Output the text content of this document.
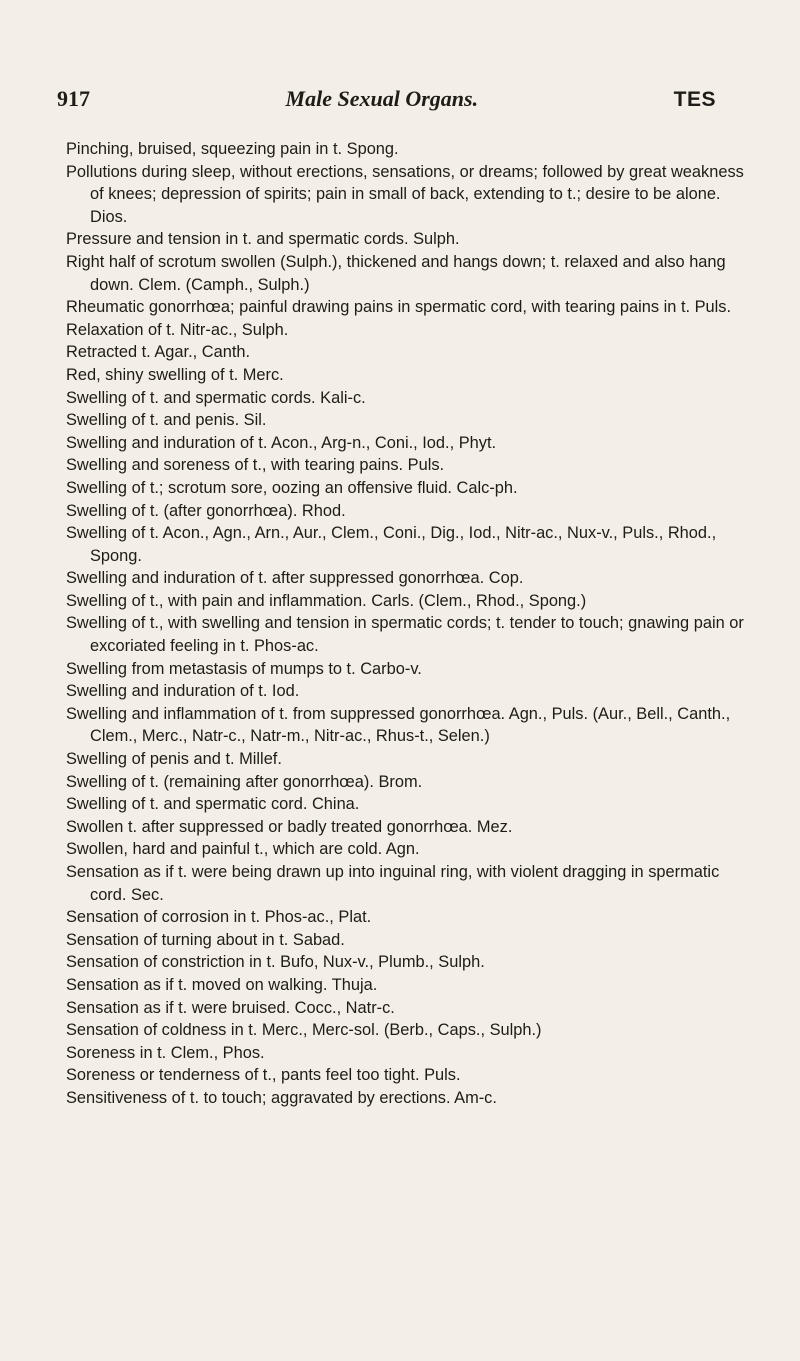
917	Male Sexual Organs.	TES

Pinching, bruised, squeezing pain in t. Spong.

Pollutions during sleep, without erections, sensations, or dreams; followed by great weakness of knees; depression of spirits; pain in small of back, extending to t.; desire to be alone. Dios.

Pressure and tension in t. and spermatic cords. Sulph.

Right half of scrotum swollen (Sulph.), thickened and hangs down; t. relaxed and also hang down. Clem. (Camph., Sulph.)

Rheumatic gonorrhœa; painful drawing pains in spermatic cord, with tearing pains in t. Puls.

Relaxation of t. Nitr-ac., Sulph.

Retracted t. Agar., Canth.

Red, shiny swelling of t. Merc.

Swelling of t. and spermatic cords. Kali-c.

Swelling of t. and penis. Sil.

Swelling and induration of t. Acon., Arg-n., Coni., Iod., Phyt.

Swelling and soreness of t., with tearing pains. Puls.

Swelling of t.; scrotum sore, oozing an offensive fluid. Calc-ph.

Swelling of t. (after gonorrhœa). Rhod.

Swelling of t. Acon., Agn., Arn., Aur., Clem., Coni., Dig., Iod., Nitr-ac., Nux-v., Puls., Rhod., Spong.

Swelling and induration of t. after suppressed gonorrhœa. Cop.

Swelling of t., with pain and inflammation. Carls. (Clem., Rhod., Spong.)

Swelling of t., with swelling and tension in spermatic cords; t. tender to touch; gnawing pain or excoriated feeling in t. Phos-ac.

Swelling from metastasis of mumps to t. Carbo-v.

Swelling and induration of t. Iod.

Swelling and inflammation of t. from suppressed gonorrhœa. Agn., Puls. (Aur., Bell., Canth., Clem., Merc., Natr-c., Natr-m., Nitr-ac., Rhus-t., Selen.)

Swelling of penis and t. Millef.

Swelling of t. (remaining after gonorrhœa). Brom.

Swelling of t. and spermatic cord. China.

Swollen t. after suppressed or badly treated gonorrhœa. Mez.

Swollen, hard and painful t., which are cold. Agn.

Sensation as if t. were being drawn up into inguinal ring, with violent dragging in spermatic cord. Sec.

Sensation of corrosion in t. Phos-ac., Plat.

Sensation of turning about in t. Sabad.

Sensation of constriction in t. Bufo, Nux-v., Plumb., Sulph.

Sensation as if t. moved on walking. Thuja.

Sensation as if t. were bruised. Cocc., Natr-c.

Sensation of coldness in t. Merc., Merc-sol. (Berb., Caps., Sulph.)

Soreness in t. Clem., Phos.

Soreness or tenderness of t., pants feel too tight. Puls.

Sensitiveness of t. to touch; aggravated by erections. Am-c.
